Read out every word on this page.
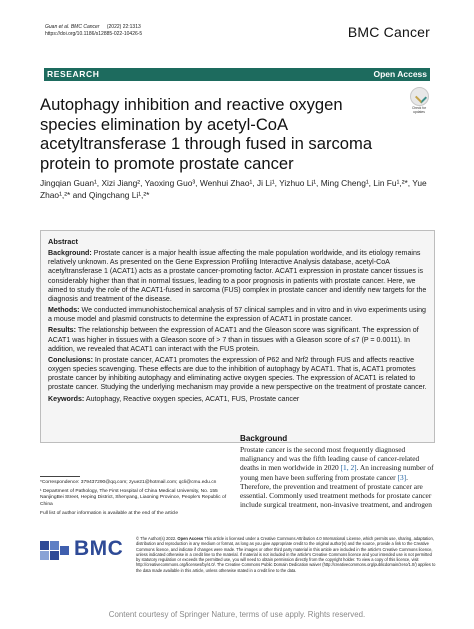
Guan et al. BMC Cancer (2022) 22:1313
https://doi.org/10.1186/s12885-022-10426-5	BMC Cancer
RESEARCH	Open Access
Autophagy inhibition and reactive oxygen species elimination by acetyl-CoA acetyltransferase 1 through fused in sarcoma protein to promote prostate cancer
Check for updates
Jingqian Guan¹, Xizi Jiang², Yaoxing Guo³, Wenhui Zhao¹, Ji Li¹, Yizhuo Li¹, Ming Cheng¹, Lin Fu¹,²*, Yue Zhao¹,²* and Qingchang Li¹,²*
Abstract

Background: Prostate cancer is a major health issue affecting the male population worldwide, and its etiology remains relatively unknown. As presented on the Gene Expression Profiling Interactive Analysis database, acetyl-CoA acetyltransferase 1 (ACAT1) acts as a prostate cancer-promoting factor. ACAT1 expression in prostate cancer tissues is considerably higher than that in normal tissues, leading to a poor prognosis in patients with prostate cancer. Here, we aimed to study the role of the ACAT1-fused in sarcoma (FUS) complex in prostate cancer and identify new targets for the diagnosis and treatment of the disease.

Methods: We conducted immunohistochemical analysis of 57 clinical samples and in vitro and in vivo experiments using a mouse model and plasmid constructs to determine the expression of ACAT1 in prostate cancer.

Results: The relationship between the expression of ACAT1 and the Gleason score was significant. The expression of ACAT1 was higher in tissues with a Gleason score of > 7 than in tissues with a Gleason score of ≤7 (P = 0.0011). In addition, we revealed that ACAT1 can interact with the FUS protein.

Conclusions: In prostate cancer, ACAT1 promotes the expression of P62 and Nrf2 through FUS and affects reactive oxygen species scavenging. These effects are due to the inhibition of autophagy by ACAT1. That is, ACAT1 promotes prostate cancer by inhibiting autophagy and eliminating active oxygen species. The expression of ACAT1 is related to prostate cancer. Studying the underlying mechanism may provide a new perspective on the treatment of prostate cancer.

Keywords: Autophagy, Reactive oxygen species, ACAT1, FUS, Prostate cancer

*Correspondence: 379437290@qq.com; zyue21@hotmail.com; qcli@cmu.edu.cn

¹ Department of Pathology, The First Hospital of China Medical University, No. 155 NanjingBei Street, Heping District, Shenyang, Liaoning Province, People's Republic of China

Full list of author information is available at the end of the article

Background

Prostate cancer is the second most frequently diagnosed malignancy and was the fifth leading cause of cancer-related deaths in men worldwide in 2020 [1, 2]. An increasing number of young men have been suffering from prostate cancer [3]. Therefore, the prevention and treatment of prostate cancer are essential. Commonly used treatment methods for prostate cancer include surgical treatment, non-invasive treatment, and androgen

BMC	© The Author(s) 2022. Open Access This article is licensed under a Creative Commons Attribution 4.0 International License, which permits use, sharing, adaptation, distribution and reproduction in any medium or format, as long as you give appropriate credit to the original author(s) and the source, provide a link to the Creative Commons licence, and indicate if changes were made. The images or other third party material in this article are included in the article's Creative Commons licence, unless indicated otherwise in a credit line to the material. If material is not included in the article's Creative Commons licence and your intended use is not permitted by statutory regulation or exceeds the permitted use, you will need to obtain permission directly from the copyright holder. To view a copy of this licence, visit http://creativecommons.org/licenses/by/4.0/. The Creative Commons Public Domain Dedication waiver (http://creativecommons.org/publicdomain/zero/1.0/) applies to the data made available in this article, unless otherwise stated in a credit line to the data.
Content courtesy of Springer Nature, terms of use apply. Rights reserved.
